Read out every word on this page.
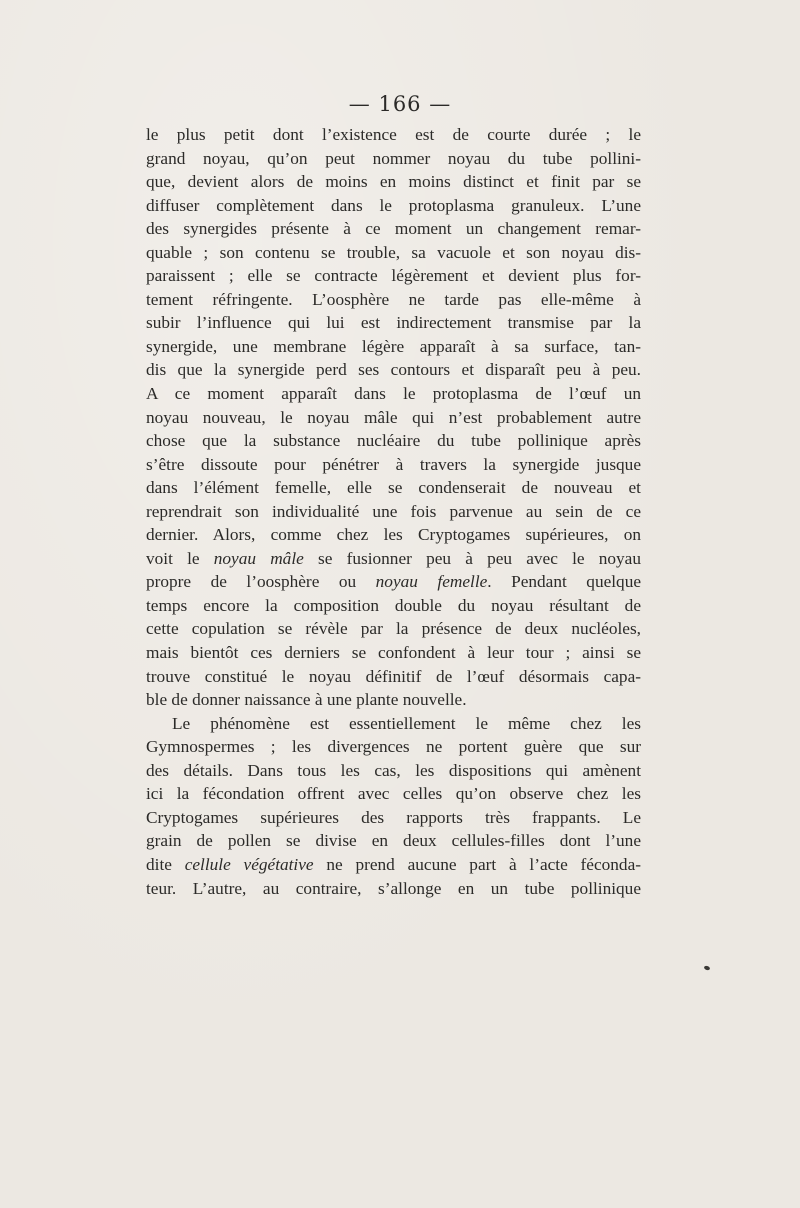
— 166 —
le plus petit dont l’existence est de courte durée ; le
grand noyau, qu’on peut nommer noyau du tube pollini-
que, devient alors de moins en moins distinct et finit par se
diffuser complètement dans le protoplasma granuleux. L’une
des synergides présente à ce moment un changement remar-
quable ; son contenu se trouble, sa vacuole et son noyau dis-
paraissent ; elle se contracte légèrement et devient plus for-
tement réfringente. L’oosphère ne tarde pas elle-même à
subir l’influence qui lui est indirectement transmise par la
synergide, une membrane légère apparaît à sa surface, tan-
dis que la synergide perd ses contours et disparaît peu à peu.
A ce moment apparaît dans le protoplasma de l’œuf un
noyau nouveau, le noyau mâle qui n’est probablement autre
chose que la substance nucléaire du tube pollinique après
s’être dissoute pour pénétrer à travers la synergide jusque
dans l’élément femelle, elle se condenserait de nouveau et
reprendrait son individualité une fois parvenue au sein de ce
dernier. Alors, comme chez les Cryptogames supérieures, on
voit le noyau mâle se fusionner peu à peu avec le noyau
propre de l’oosphère ou noyau femelle. Pendant quelque
temps encore la composition double du noyau résultant de
cette copulation se révèle par la présence de deux nucléoles,
mais bientôt ces derniers se confondent à leur tour ; ainsi se
trouve constitué le noyau définitif de l’œuf désormais capa-
ble de donner naissance à une plante nouvelle.
Le phénomène est essentiellement le même chez les
Gymnospermes ; les divergences ne portent guère que sur
des détails. Dans tous les cas, les dispositions qui amènent
ici la fécondation offrent avec celles qu’on observe chez les
Cryptogames supérieures des rapports très frappants. Le
grain de pollen se divise en deux cellules-filles dont l’une
dite cellule végétative ne prend aucune part à l’acte féconda-
teur. L’autre, au contraire, s’allonge en un tube pollinique
